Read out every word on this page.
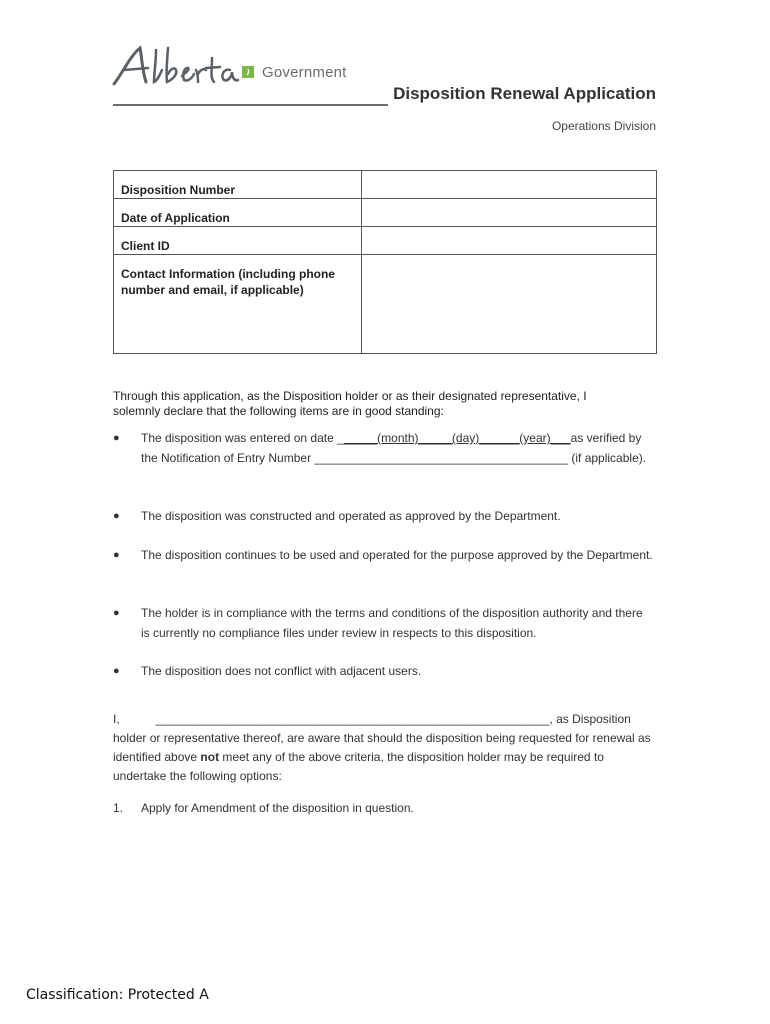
Government
Disposition Renewal Application
Operations Division
Disposition Number	
Date of Application	
Client ID	
Contact Information (including phone number and email, if applicable)	
Through this application, as the Disposition holder or as their designated representative, I solemnly declare that the following items are in good standing:
● The disposition was entered on date ______(month)_____(day)______(year)___as verified by the Notification of Entry Number ______________________________________ (if applicable).
● The disposition was constructed and operated as approved by the Department.
● The disposition continues to be used and operated for the purpose approved by the Department.
● The holder is in compliance with the terms and conditions of the disposition authority and there is currently no compliance files under review in respects to this disposition.
● The disposition does not conflict with adjacent users.
I,	___________________________________________________________, as Disposition holder or representative thereof, are aware that should the disposition being requested for renewal as identified above not meet any of the above criteria, the disposition holder may be required to undertake the following options:
1. Apply for Amendment of the disposition in question.
Classification: Protected A
